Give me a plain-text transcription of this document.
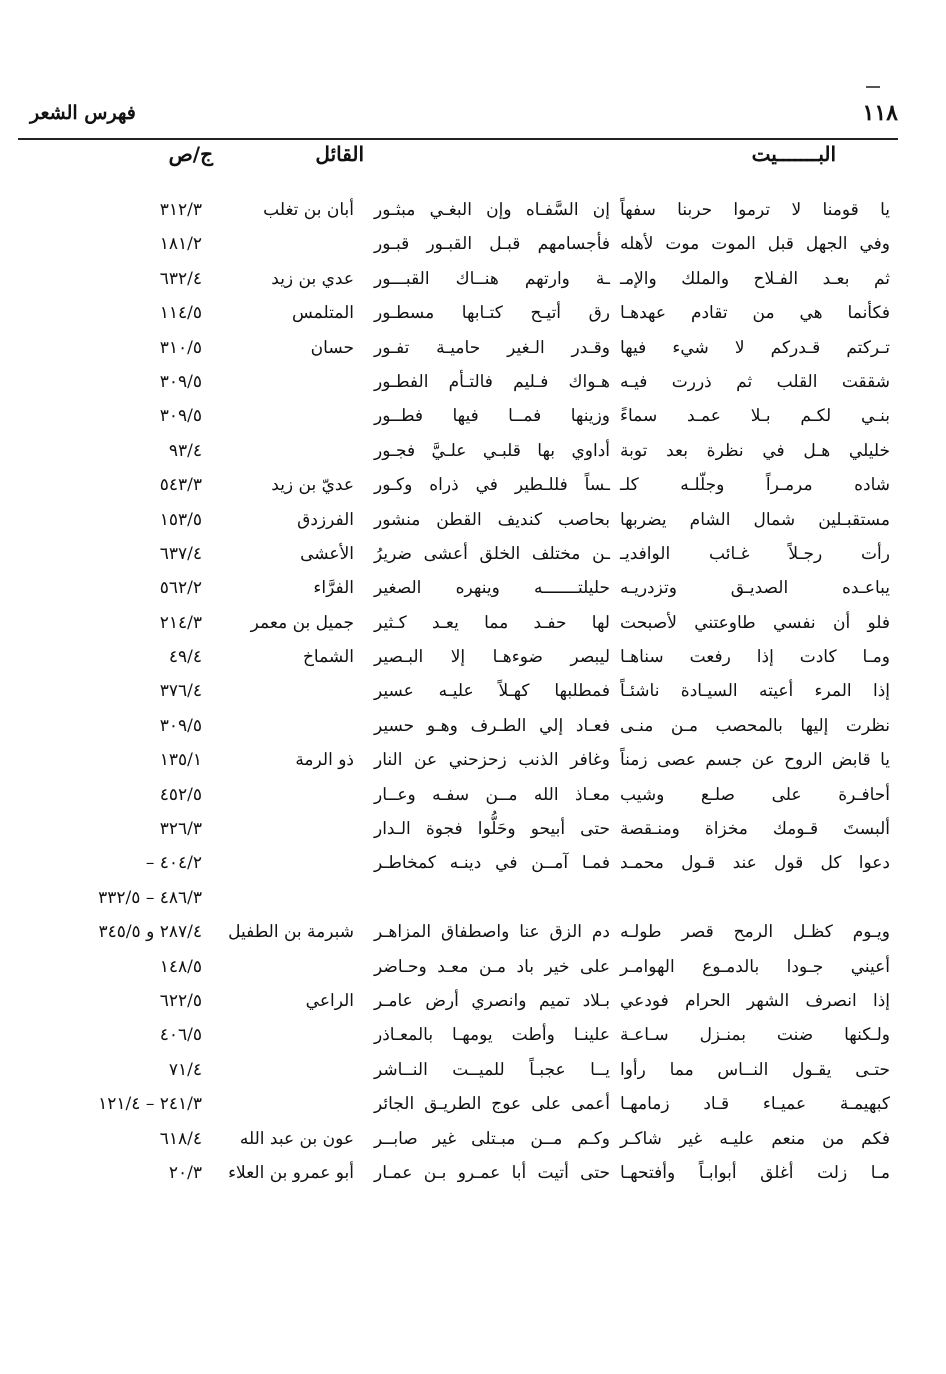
١١٨
فهرس الشعر
البـــــــيت
القائل
ج/ص
يا قومنا لا ترموا حربنا سفهاً
إن السَّفـاه وإن البغـي مبثـور
أبان بن تغلب
٣١٢/٣
وفي الجهل قبل الموت موت لأهله
فأجسامهم قبـل القبـور قبـور
١٨١/٢
ثم بعـد الفـلاح والملك والإمـ
ـة وارتهم هنــاك القبـــور
عدي بن زيد
٦٣٢/٤
فكأنما هي من تقادم عهدهـا
رق أتيـح كتـابها مسطـور
المتلمس
١١٤/٥
تـركتم قـدركم لا شيء فيها
وقـدر الـغير حاميـة تفـور
حسان
٣١٠/٥
شققت القلب ثم ذررت فيـه
هـواك فـليم فالتـأم الفطـور
٣٠٩/٥
بنـي لكـم بـلا عمـد سماءً
وزينها فمــا فيها فطــور
٣٠٩/٥
خليلي هـل في نظرة بعد توبة
أداوي بها قلبـي علـيَّ فجـور
٩٣/٤
شاده مرمـراً وجلّلـه كلـ
ـساً فللـطير في ذراه وكـور
عديّ بن زيد
٥٤٣/٣
مستقبـلين شمال الشام يضربها
بحاصب كنديف القطن منشور
الفرزدق
١٥٣/٥
رأت رجـلاً غـائب الوافديـ
ـن مختلف الخلق أعشى ضريرُ
الأعشى
٦٣٧/٤
يباعـده الصديـق وتزدريـه
حليلتـــــــه وينهره الصغير
الفرَّاء
٥٦٢/٢
فلو أن نفسي طاوعتني لأصبحت
لها حفـد مما يعـد كـثير
جميل بن معمر
٢١٤/٣
ومـا كادت إذا رفعت سناهـا
ليبصر ضوءهـا إلا البـصير
الشماخ
٤٩/٤
إذا المرء أعيته السيـادة ناشئـاً
فمطلبها كهـلاً عليـه عسير
٣٧٦/٤
نظرت إليها بالمحصب مـن منـى
فعـاد إلي الطـرف وهـو حسير
٣٠٩/٥
يا قابض الروح عن جسم عصى زمناً
وغافر الذنب زحزحني عن النار
ذو الرمة
١٣٥/١
أحافـرة على صلـع وشيب
معـاذ الله مــن سفـه وعــار
٤٥٢/٥
ألبستَ قـومك مخزاة ومنـقصة
حتى أبيحو وحَلُّوا فجوة الـدار
٣٢٦/٣
دعوا كل قول عند قـول محمـد
فمـا آمــن في دينـه كمخاطـر
٤٠٤/٢ –
٤٨٦/٣ – ٣٣٢/٥
ويـوم كظـل الرمح قصر طولـه
دم الزق عنا واصطفاق المزاهـر
شبرمة بن الطفيل
٢٨٧/٤ و ٣٤٥/٥
أعيني جـودا بالدمـوع الهوامـر
على خير باد مـن معـد وحـاضر
١٤٨/٥
إذا انصرف الشهر الحرام فودعي
بـلاد تميم وانصري أرض عامـر
الراعي
٦٢٢/٥
ولـكنها ضنت بمنـزل سـاعـة
علينـا وأطت يومهـا بالمعـاذر
٤٠٦/٥
حتـى يقـول النــاس مما رأوا
يــا عجبـاً للميــت النــاشر
٧١/٤
كبهيمـة عميـاء قـاد زمامهـا
أعمى على عوج الطريـق الجائر
٢٤١/٣ – ١٢١/٤
فكم من منعم عليـه غير شاكـر
وكـم مــن مبـتلى غير صابــر
عون بن عبد الله
٦١٨/٤
مـا زلت أغلق أبوابـاً وأفتحهـا
حتى أتيت أبا عمـرو بـن عمـار
أبو عمرو بن العلاء
٢٠/٣
